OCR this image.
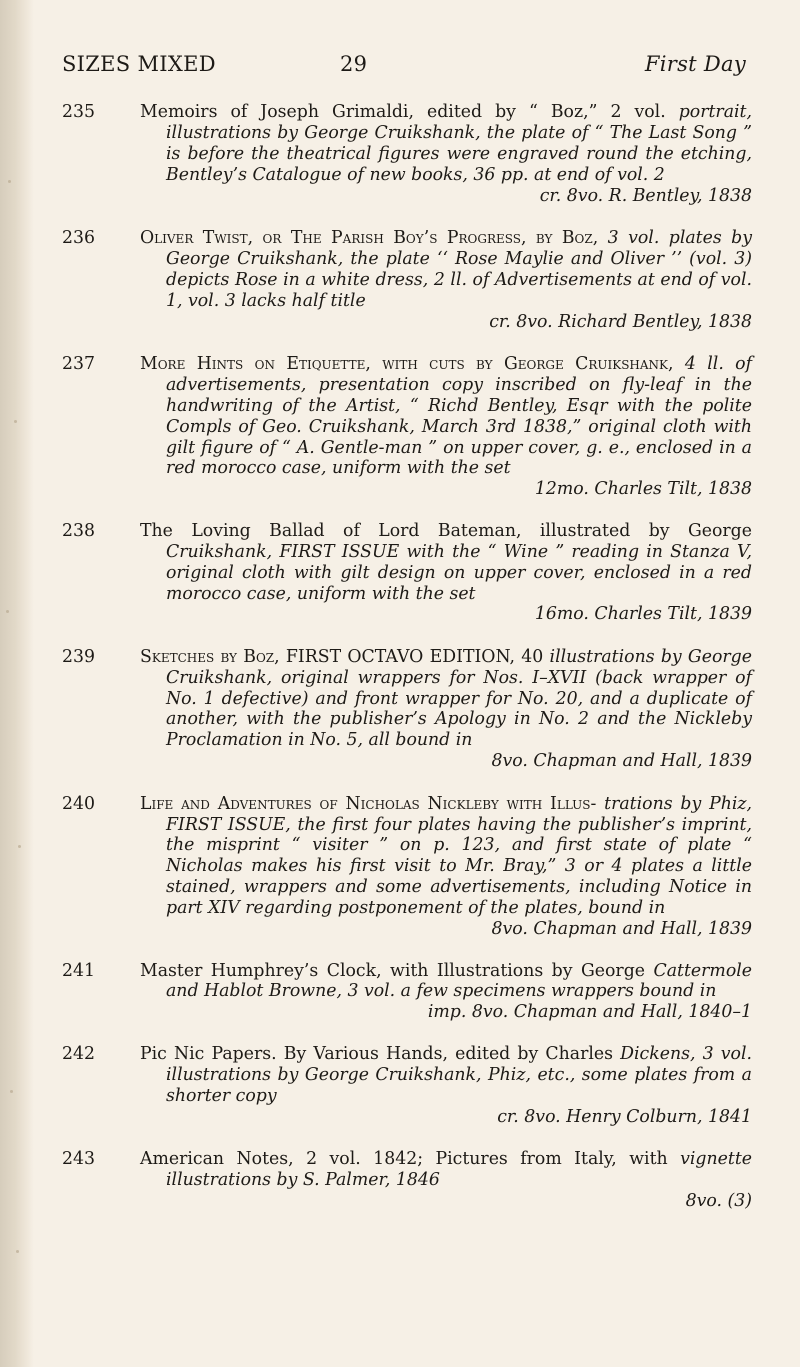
SIZES MIXED	29	First Day
235	Memoirs of Joseph Grimaldi, edited by “ Boz,” 2 vol. portrait, illustrations by George Cruikshank, the plate of “ The Last Song ” is before the theatrical figures were engraved round the etching, Bentley’s Catalogue of new books, 36 pp. at end of vol. 2
cr. 8vo. R. Bentley, 1838
236	Oliver Twist, or The Parish Boy’s Progress, by Boz, 3 vol. plates by George Cruikshank, the plate ‘‘ Rose Maylie and Oliver ’’ (vol. 3) depicts Rose in a white dress, 2 ll. of Advertisements at end of vol. 1, vol. 3 lacks half title
cr. 8vo. Richard Bentley, 1838
237	More Hints on Etiquette, with cuts by George Cruikshank, 4 ll. of advertisements, presentation copy inscribed on fly-leaf in the handwriting of the Artist, “ Richd Bentley, Esqr with the polite Compls of Geo. Cruikshank, March 3rd 1838,” original cloth with gilt figure of “ A. Gentle-man ” on upper cover, g. e., enclosed in a red morocco case, uniform with the set
12mo. Charles Tilt, 1838
238	The Loving Ballad of Lord Bateman, illustrated by George Cruikshank, FIRST ISSUE with the “ Wine ” reading in Stanza V, original cloth with gilt design on upper cover, enclosed in a red morocco case, uniform with the set
16mo. Charles Tilt, 1839
239	Sketches by Boz, FIRST OCTAVO EDITION, 40 illustrations by George Cruikshank, original wrappers for Nos. I–XVII (back wrapper of No. 1 defective) and front wrapper for No. 20, and a duplicate of another, with the publisher’s Apology in No. 2 and the Nickleby Proclamation in No. 5, all bound in
8vo. Chapman and Hall, 1839
240	Life and Adventures of Nicholas Nickleby with Illus- trations by Phiz, FIRST ISSUE, the first four plates having the publisher’s imprint, the misprint “ visiter ” on p. 123, and first state of plate “ Nicholas makes his first visit to Mr. Bray,” 3 or 4 plates a little stained, wrappers and some advertisements, including Notice in part XIV regarding postponement of the plates, bound in
8vo. Chapman and Hall, 1839
241	Master Humphrey’s Clock, with Illustrations by George Cattermole and Hablot Browne, 3 vol. a few specimens wrappers bound in
imp. 8vo. Chapman and Hall, 1840–1
242	Pic Nic Papers. By Various Hands, edited by Charles Dickens, 3 vol. illustrations by George Cruikshank, Phiz, etc., some plates from a shorter copy
cr. 8vo. Henry Colburn, 1841
243	American Notes, 2 vol. 1842; Pictures from Italy, with vignette illustrations by S. Palmer, 1846
8vo. (3)
